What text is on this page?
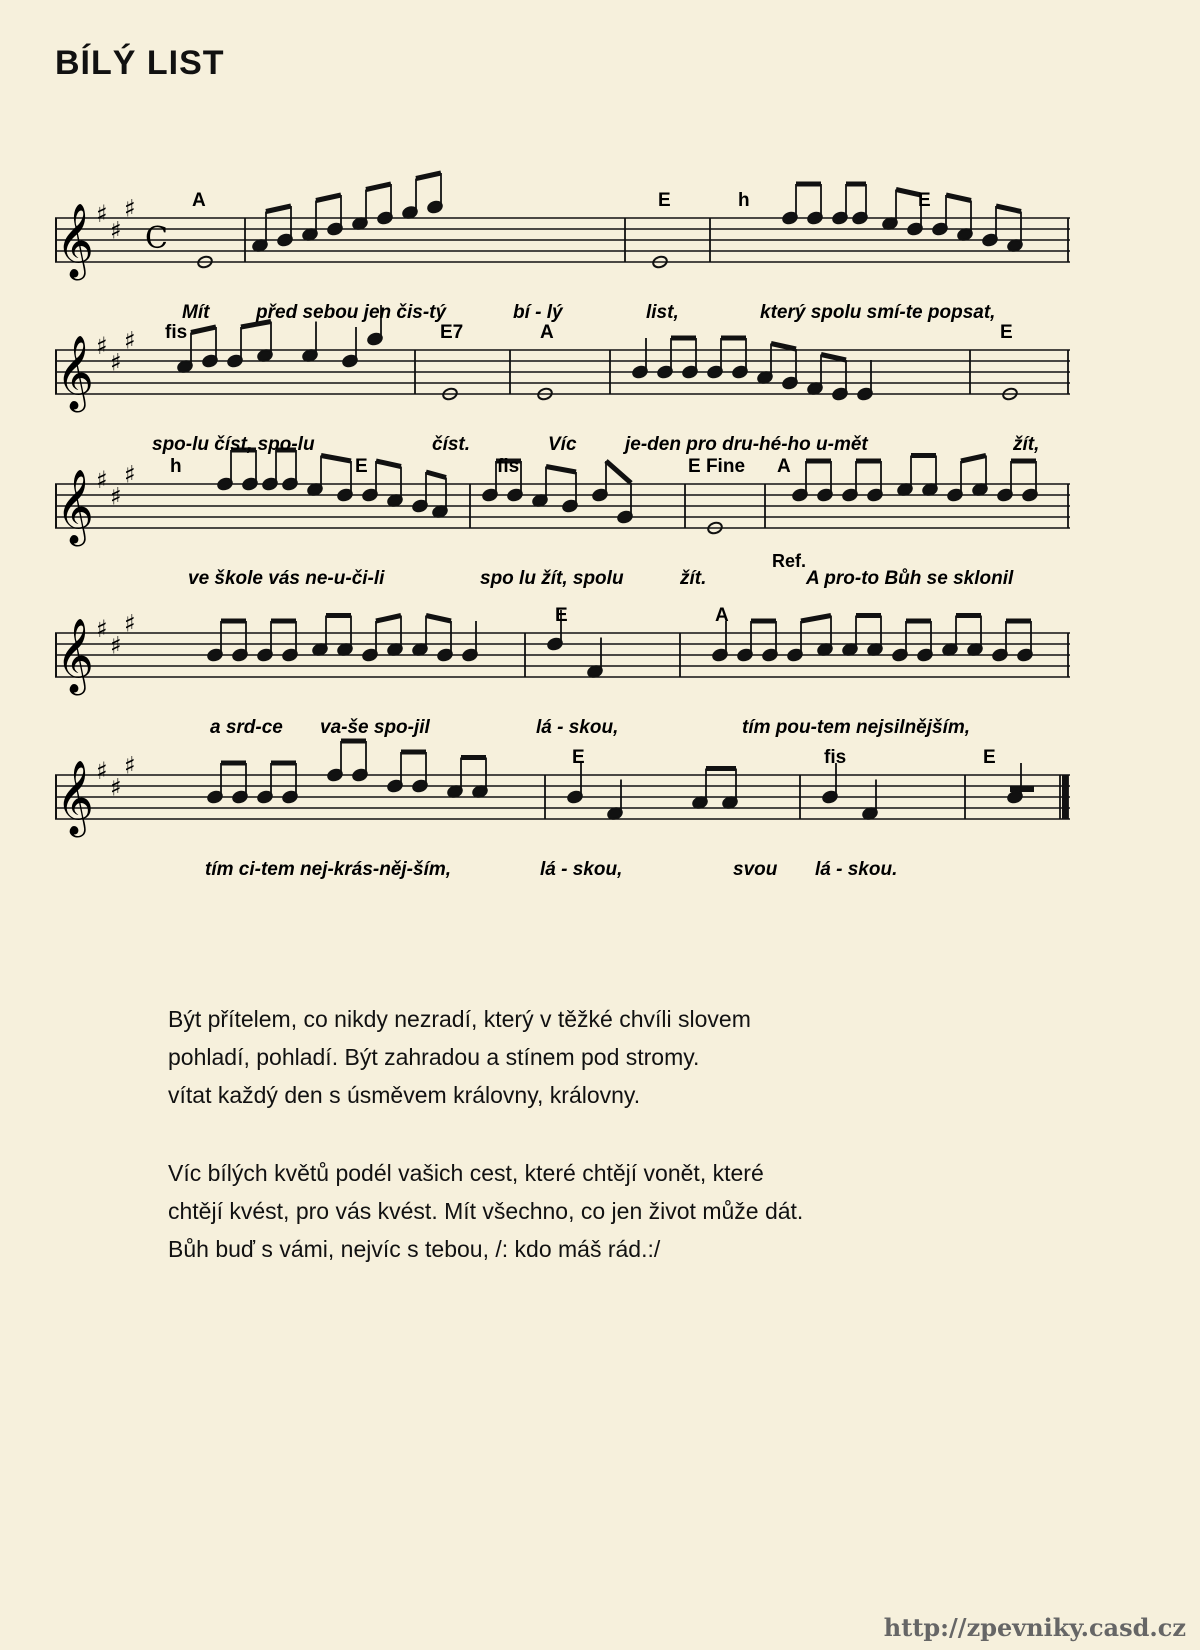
BÍLÝ LIST
𝄞 ♯
♯
♯
C
𝄞 ♯
♯
♯
𝄞 ♯
♯
♯
𝄞 ♯
♯
♯
𝄞 ♯
♯
♯
A	E	h	E
Mít před sebou jen čis-tý	bí - lý	list,	který spolu smí-te popsat,
fis	E7	A	E
spo-lu číst, spo-lu	číst.	Víc	je-den pro dru-hé-ho u-mět	žít,
h	E	fis	E Fine A
Ref.
ve škole vás ne-u-či-li	spo lu žít, spolu	žít.	A pro-to Bůh se sklonil
E	A
a srd-ce va-še spo-jil	lá - skou,	tím pou-tem nejsilnějším,
E	fis	E
tím ci-tem nej-krás-něj-ším,	lá - skou,	svou lá - skou.

Být přítelem, co nikdy nezradí, který v těžké chvíli slovem

pohladí, pohladí. Být zahradou a stínem pod stromy.

vítat každý den s úsměvem královny, královny.

Víc bílých květů podél vašich cest, které chtějí vonět, které

chtějí kvést, pro vás kvést. Mít všechno, co jen život může dát.

Bůh buď s vámi, nejvíc s tebou, /: kdo máš rád.:/

http://zpevniky.casd.cz
